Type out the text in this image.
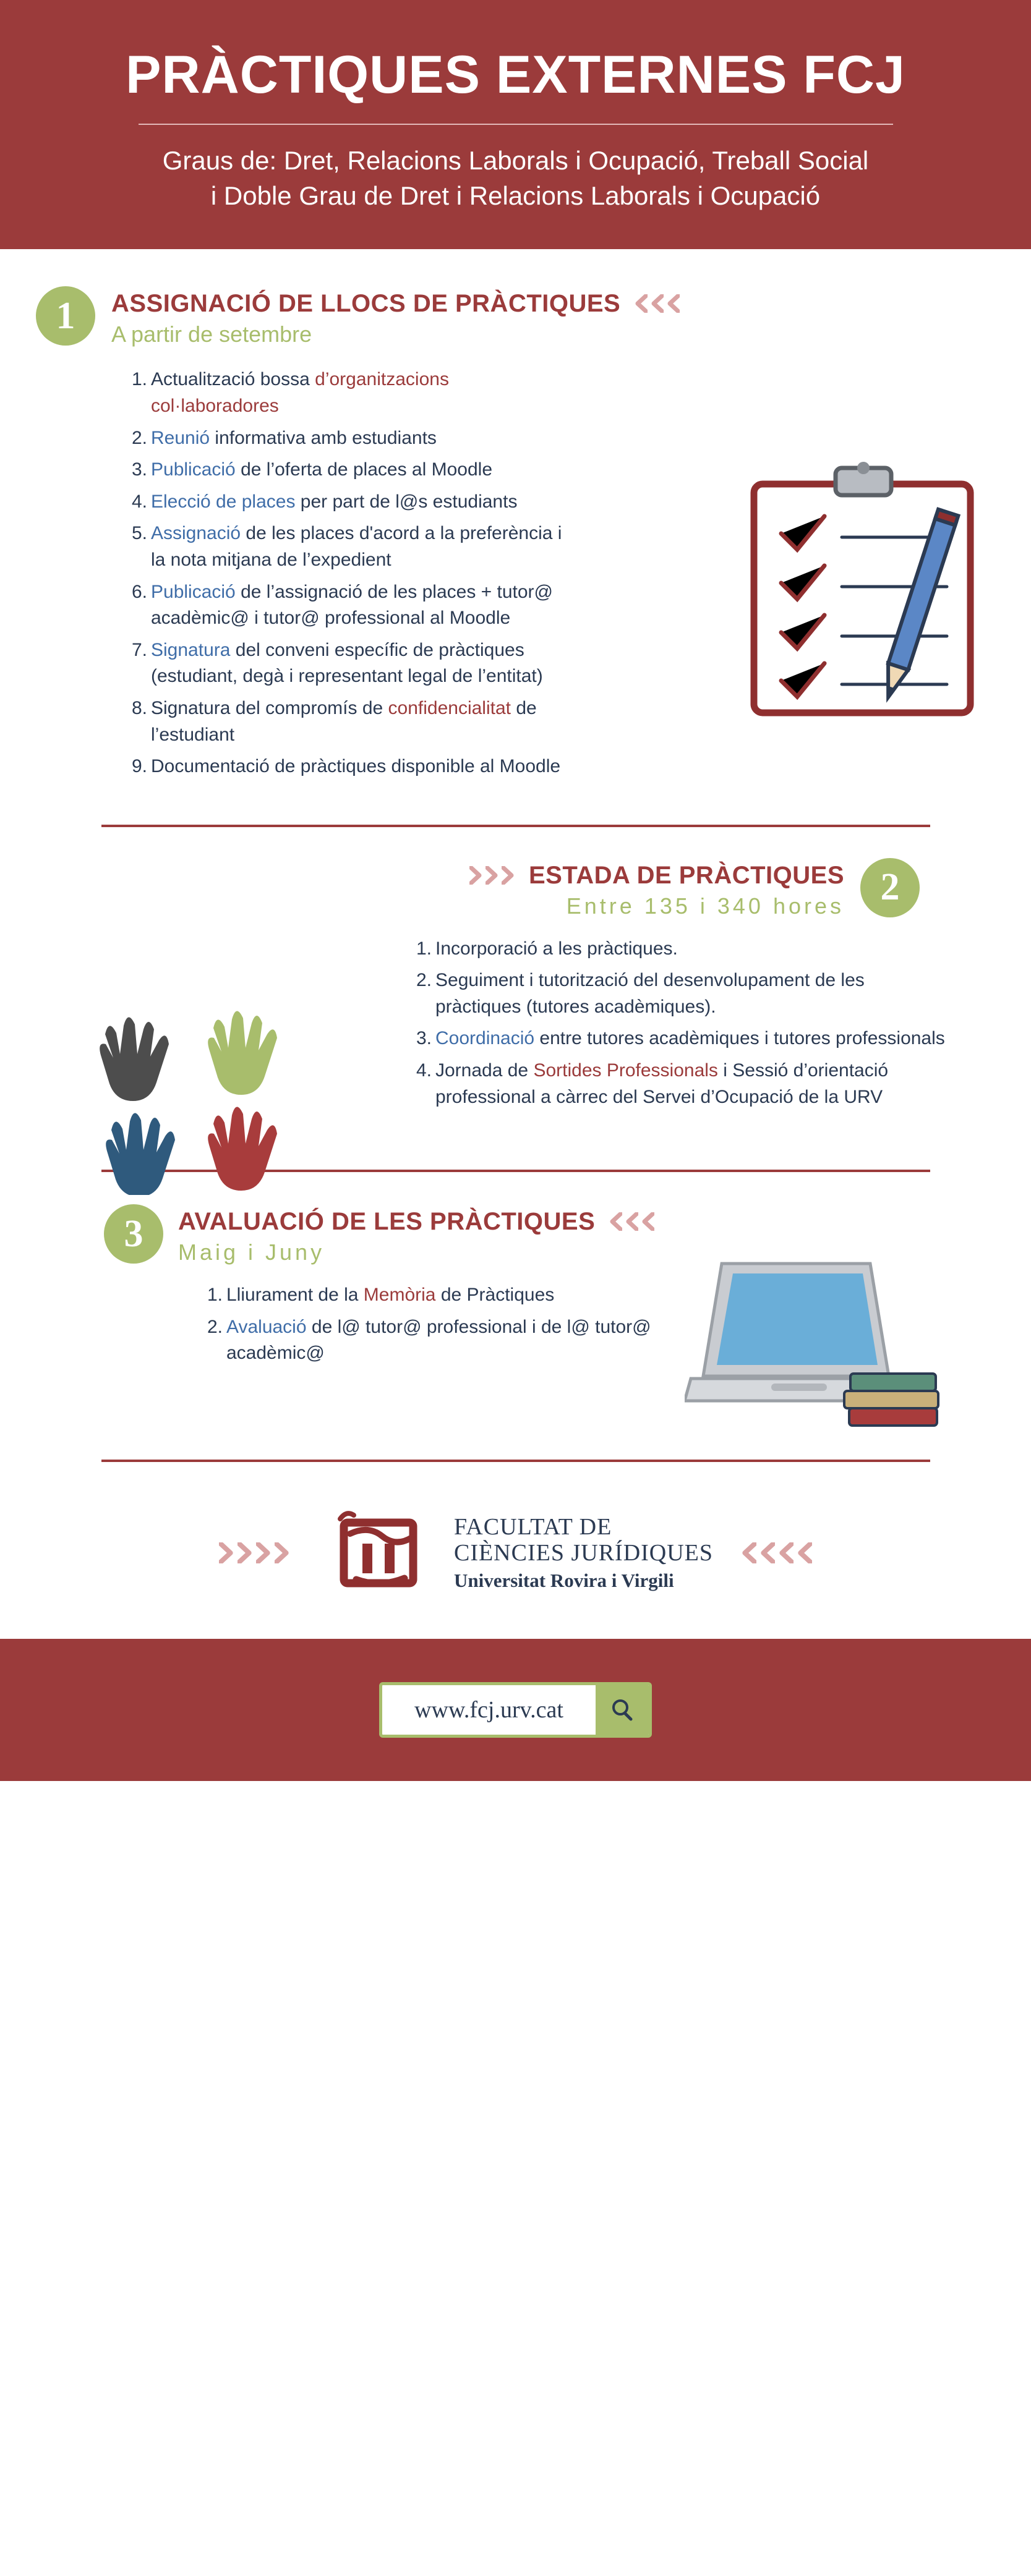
PRÀCTIQUES EXTERNES FCJ

Graus de: Dret, Relacions Laborals i Ocupació, Treball Social

i Doble Grau de Dret i Relacions Laborals i Ocupació

1	ASSIGNACIÓ DE LLOCS DE PRÀCTIQUES
A partir de setembre
Actualització bossa d’organitzacions col·laboradores
Reunió informativa amb estudiants
Publicació de l’oferta de places al Moodle
Elecció de places per part de l@s estudiants
Assignació de les places d'acord a la preferència i la nota mitjana de l’expedient
Publicació de l’assignació de les places + tutor@ acadèmic@ i tutor@ professional al Moodle
Signatura del conveni específic de pràctiques (estudiant, degà i representant legal de l’entitat)
Signatura del compromís de confidencialitat de l’estudiant
Documentació de pràctiques disponible al Moodle
ESTADA DE PRÀCTIQUES
Entre 135 i 340 hores 2
Incorporació a les pràctiques.
Seguiment i tutorització del desenvolupament de les pràctiques (tutores acadèmiques).
Coordinació entre tutores acadèmiques i tutores professionals
Jornada de Sortides Professionals i Sessió d’orientació professional a càrrec del Servei d’Ocupació de la URV
3	AVALUACIÓ DE LES PRÀCTIQUES
Maig i Juny
Lliurament de la Memòria de Pràctiques
Avaluació de l@ tutor@ professional i de l@ tutor@ acadèmic@
FACULTAT DE
CIÈNCIES JURÍDIQUES
Universitat Rovira i Virgili
www.fcj.urv.cat
